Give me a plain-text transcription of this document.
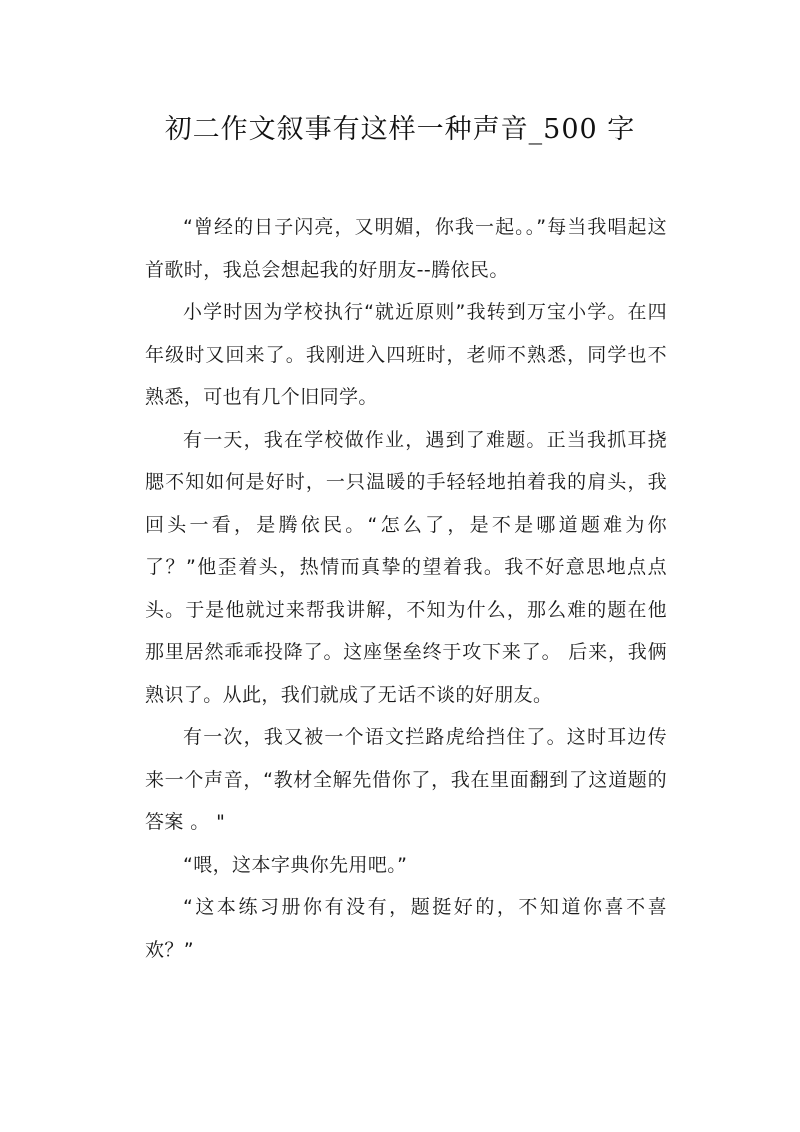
初二作文叙事有这样一种声音_500 字

“曾经的日子闪亮，又明媚，你我一起。。”每当我唱起这首歌时，我总会想起我的好朋友--腾依民。

小学时因为学校执行“就近原则”我转到万宝小学。在四年级时又回来了。我刚进入四班时，老师不熟悉，同学也不熟悉，可也有几个旧同学。

有一天，我在学校做作业，遇到了难题。正当我抓耳挠腮不知如何是好时，一只温暖的手轻轻地拍着我的肩头，我回头一看，是腾依民。“怎么了，是不是哪道题难为你了？”他歪着头，热情而真挚的望着我。我不好意思地点点头。于是他就过来帮我讲解，不知为什么，那么难的题在他那里居然乖乖投降了。这座堡垒终于攻下来了。 后来，我俩熟识了。从此，我们就成了无话不谈的好朋友。

有一次，我又被一个语文拦路虎给挡住了。这时耳边传来一个声音，“教材全解先借你了，我在里面翻到了这道题的答案 。 "

“喂，这本字典你先用吧。”

“这本练习册你有没有，题挺好的，不知道你喜不喜欢？”
